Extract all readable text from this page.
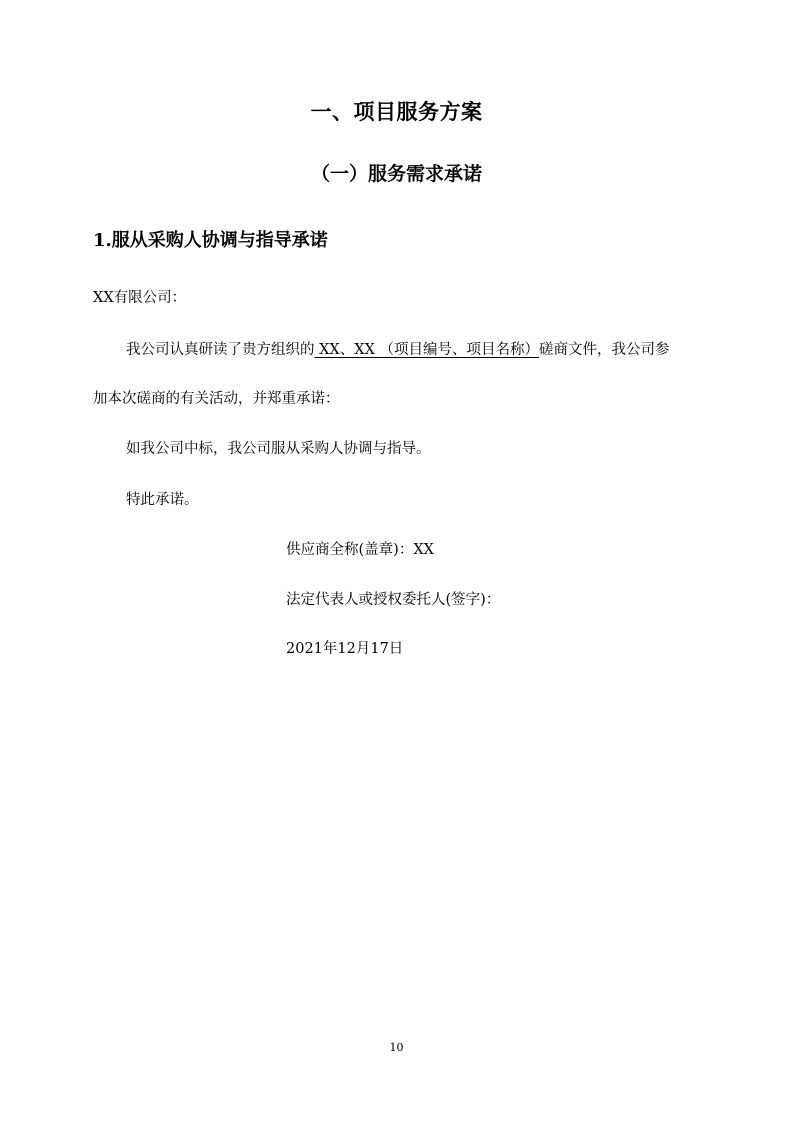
一、项目服务方案
（一）服务需求承诺
1.服从采购人协调与指导承诺
XX有限公司：
我公司认真研读了贵方组织的 XX、XX （项目编号、项目名称）磋商文件，我公司参
加本次磋商的有关活动，并郑重承诺：
如我公司中标，我公司服从采购人协调与指导。
特此承诺。
供应商全称(盖章)：XX
法定代表人或授权委托人(签字)：
2021年12月17日
10
